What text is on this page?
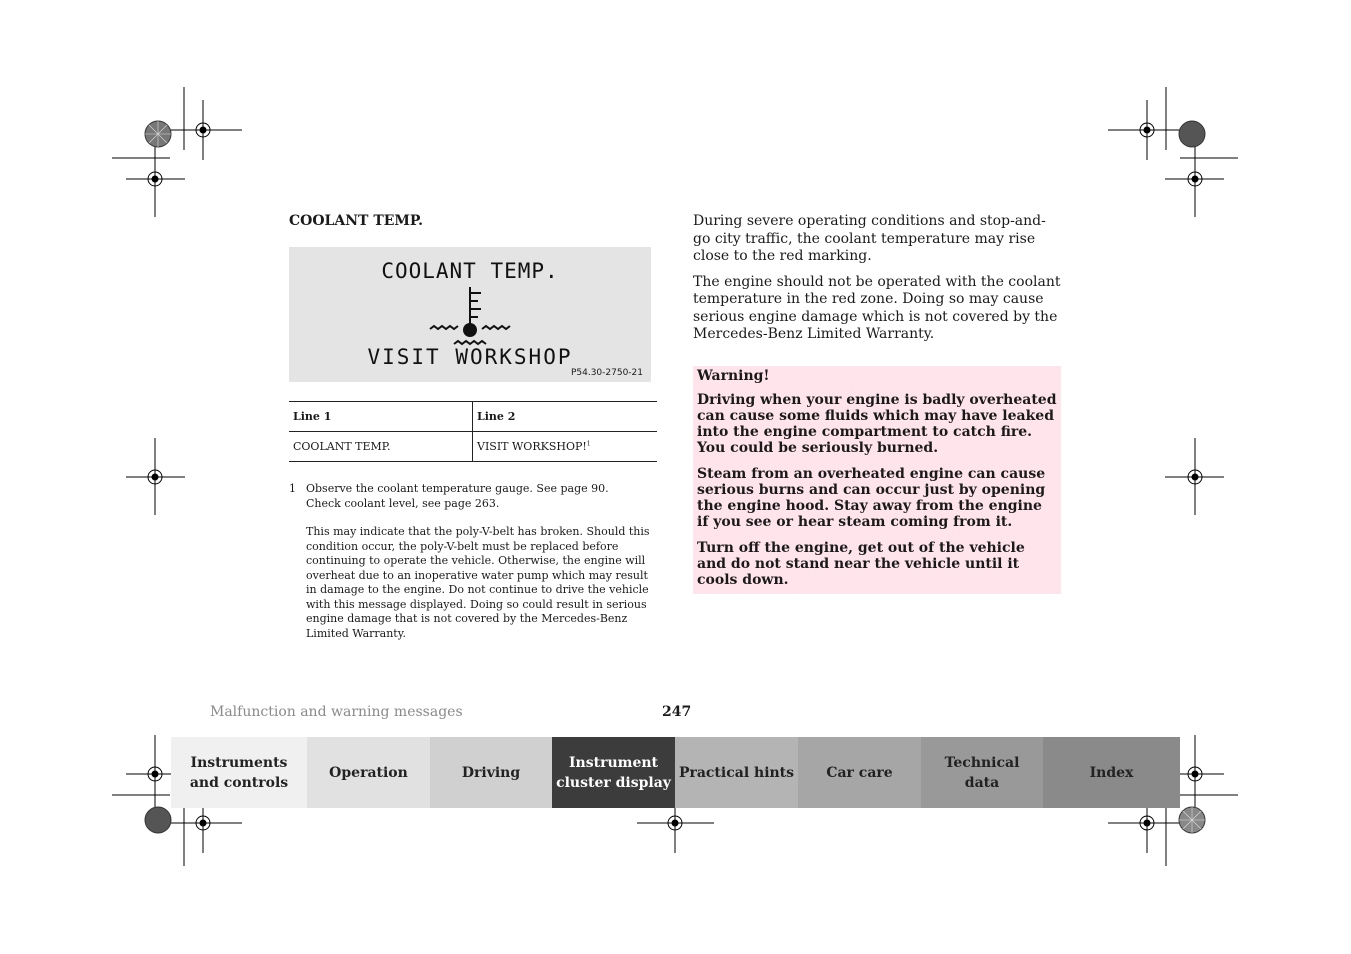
COOLANT TEMP.
COOLANT TEMP.
VISIT WORKSHOP
P54.30-2750-21
Line 1	Line 2
COOLANT TEMP.	VISIT WORKSHOP!$^1$
1 Observe the coolant temperature gauge. See page 90.
Check coolant level, see page 263.

This may indicate that the poly-V-belt has broken. Should this condition occur, the poly-V-belt must be replaced before continuing to operate the vehicle. Otherwise, the engine will overheat due to an inoperative water pump which may result in damage to the engine. Do not continue to drive the vehicle with this message displayed. Doing so could result in serious engine damage that is not covered by the Mercedes-Benz Limited Warranty.

During severe operating conditions and stop-and-go city traffic, the coolant temperature may rise close to the red marking.

The engine should not be operated with the coolant temperature in the red zone. Doing so may cause serious engine damage which is not covered by the Mercedes-Benz Limited Warranty.

Warning!

Driving when your engine is badly overheated can cause some fluids which may have leaked into the engine compartment to catch fire. You could be seriously burned.

Steam from an overheated engine can cause serious burns and can occur just by opening the engine hood. Stay away from the engine if you see or hear steam coming from it.

Turn off the engine, get out of the vehicle and do not stand near the vehicle until it cools down.

Malfunction and warning messages	247
Instruments
and controls
Operation	Driving
Instrument
cluster display
Practical hints Car care
Technical
data
Index
